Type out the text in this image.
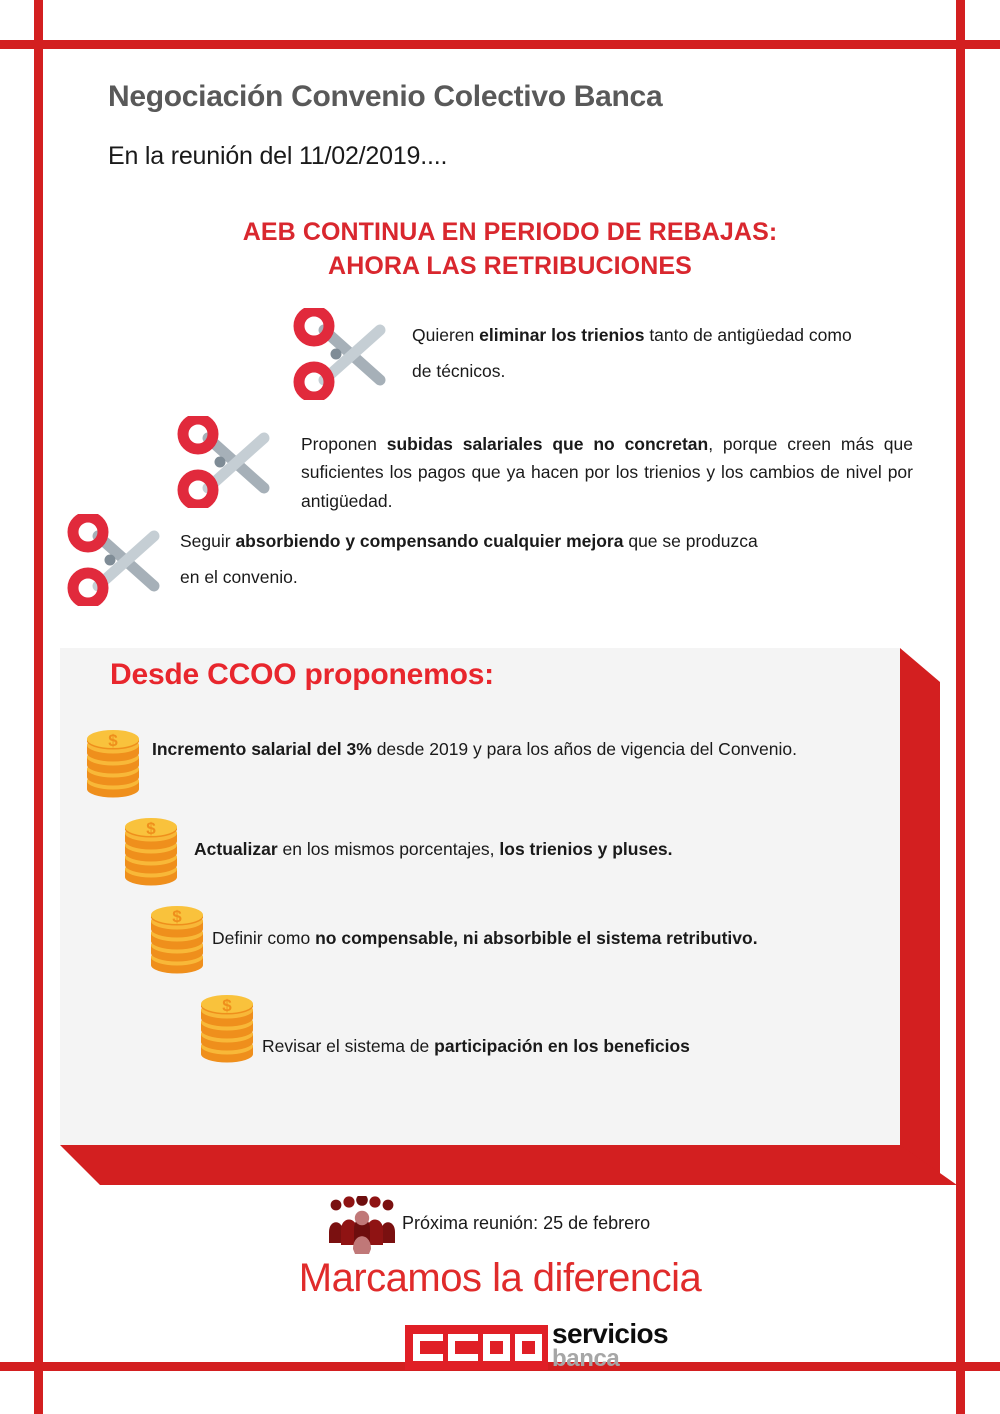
Negociación Convenio Colectivo Banca
En la reunión del 11/02/2019....
AEB CONTINUA EN PERIODO DE REBAJAS:
AHORA LAS RETRIBUCIONES
Quieren eliminar los trienios tanto de antigüedad como de técnicos.
Proponen subidas salariales que no concretan, porque creen más que suficientes los pagos que ya hacen por los trienios y los cambios de nivel por antigüedad.
Seguir absorbiendo y compensando cualquier mejora que se produzca en el convenio.
Desde CCOO proponemos:
$ Incremento salarial del 3% desde 2019 y para los años de vigencia del Convenio.
$
Actualizar en los mismos porcentajes, los trienios y pluses.
$
Definir como no compensable, ni absorbible el sistema retributivo.
$
Revisar el sistema de participación en los beneficios
Próxima reunión: 25 de febrero
Marcamos la diferencia
servicios
banca
